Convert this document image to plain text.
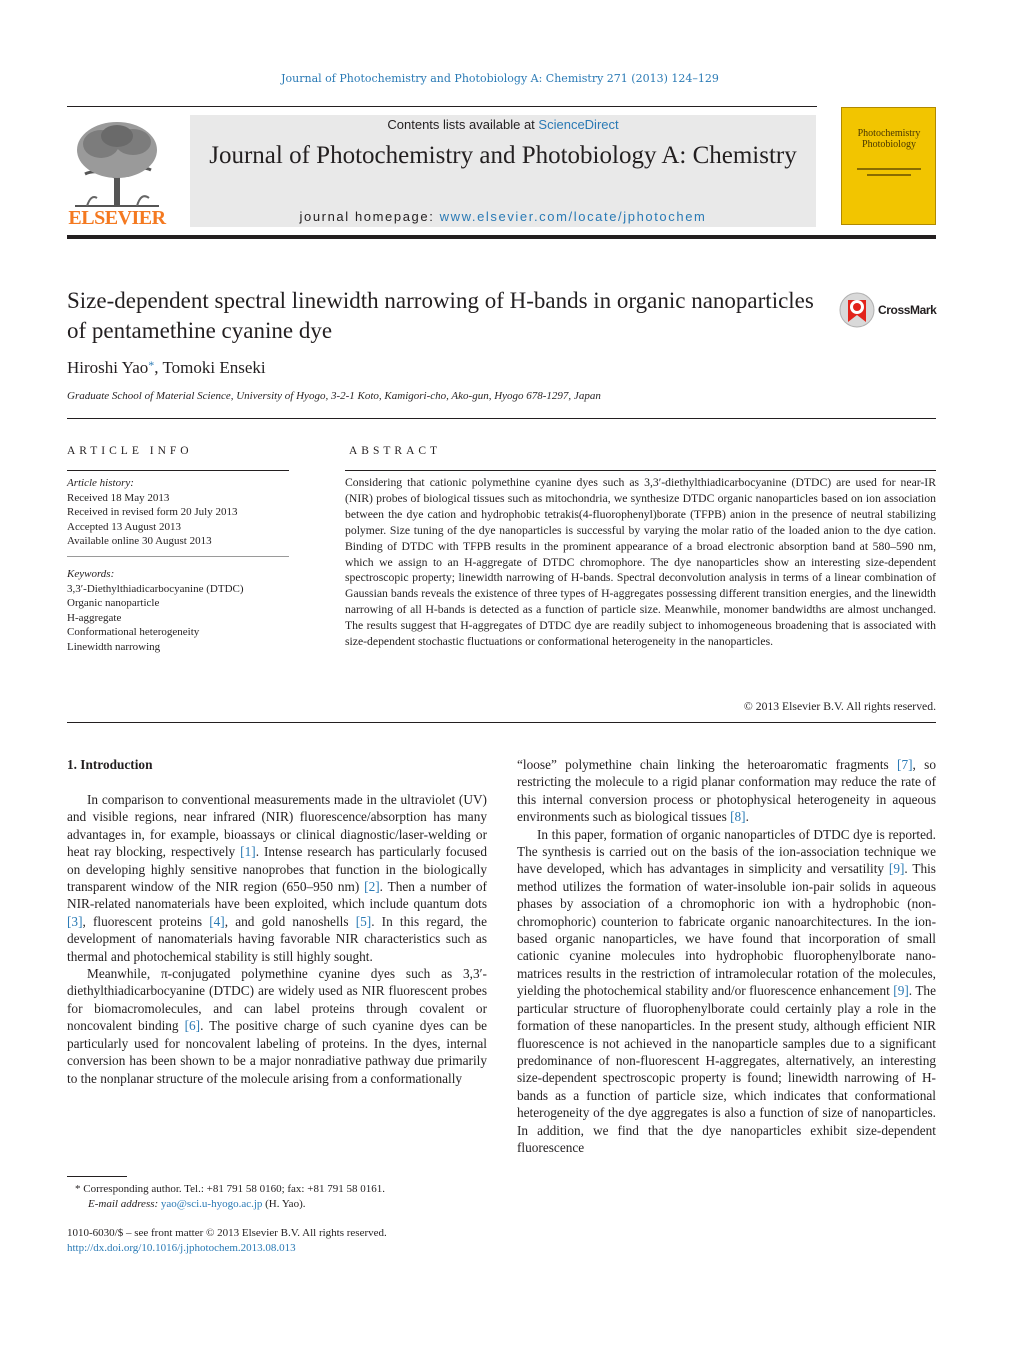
Journal of Photochemistry and Photobiology A: Chemistry 271 (2013) 124–129
ELSEVIER
Contents lists available at ScienceDirect
Journal of Photochemistry and Photobiology A: Chemistry
journal homepage: www.elsevier.com/locate/jphotochem
Photochemistry Photobiology
Size-dependent spectral linewidth narrowing of H-bands in organic nanoparticles of pentamethine cyanine dye
CrossMark
Hiroshi Yao*, Tomoki Enseki
Graduate School of Material Science, University of Hyogo, 3-2-1 Koto, Kamigori-cho, Ako-gun, Hyogo 678-1297, Japan
ARTICLE INFO
Article history:
Received 18 May 2013
Received in revised form 20 July 2013
Accepted 13 August 2013
Available online 30 August 2013
Keywords:
3,3′-Diethylthiadicarbocyanine (DTDC)
Organic nanoparticle
H-aggregate
Conformational heterogeneity
Linewidth narrowing
ABSTRACT
Considering that cationic polymethine cyanine dyes such as 3,3′-diethylthiadicarbocyanine (DTDC) are used for near-IR (NIR) probes of biological tissues such as mitochondria, we synthesize DTDC organic nanoparticles based on ion association between the dye cation and hydrophobic tetrakis(4-fluorophenyl)borate (TFPB) anion in the presence of neutral stabilizing polymer. Size tuning of the dye nanoparticles is successful by varying the molar ratio of the loaded anion to the dye cation. Binding of DTDC with TFPB results in the prominent appearance of a broad electronic absorption band at 580–590 nm, which we assign to an H-aggregate of DTDC chromophore. The dye nanoparticles show an interesting size-dependent spectroscopic property; linewidth narrowing of H-bands. Spectral deconvolution analysis in terms of a linear combination of Gaussian bands reveals the existence of three types of H-aggregates possessing different transition energies, and the linewidth narrowing of all H-bands is detected as a function of particle size. Meanwhile, monomer bandwidths are almost unchanged. The results suggest that H-aggregates of DTDC dye are readily subject to inhomogeneous broadening that is associated with size-dependent stochastic fluctuations or conformational heterogeneity in the nanoparticles.
© 2013 Elsevier B.V. All rights reserved.
1. Introduction

In comparison to conventional measurements made in the ultraviolet (UV) and visible regions, near infrared (NIR) fluorescence/absorption has many advantages in, for example, bioassays or clinical diagnostic/laser-welding or heat ray blocking, respectively [1]. Intense research has particularly focused on developing highly sensitive nanoprobes that function in the biologically transparent window of the NIR region (650–950 nm) [2]. Then a number of NIR-related nanomaterials have been exploited, which include quantum dots [3], fluorescent proteins [4], and gold nanoshells [5]. In this regard, the development of nanomaterials having favorable NIR characteristics such as thermal and photochemical stability is still highly sought.

Meanwhile, π-conjugated polymethine cyanine dyes such as 3,3′-diethylthiadicarbocyanine (DTDC) are widely used as NIR fluorescent probes for biomacromolecules, and can label proteins through covalent or noncovalent binding [6]. The positive charge of such cyanine dyes can be particularly used for noncovalent labeling of proteins. In the dyes, internal conversion has been shown to be a major nonradiative pathway due primarily to the nonplanar structure of the molecule arising from a conformationally

“loose” polymethine chain linking the heteroaromatic fragments [7], so restricting the molecule to a rigid planar conformation may reduce the rate of this internal conversion process or photophysical heterogeneity in aqueous environments such as biological tissues [8].

In this paper, formation of organic nanoparticles of DTDC dye is reported. The synthesis is carried out on the basis of the ion-association technique we have developed, which has advantages in simplicity and versatility [9]. This method utilizes the formation of water-insoluble ion-pair solids in aqueous phases by association of a chromophoric ion with a hydrophobic (non-chromophoric) counterion to fabricate organic nanoarchitectures. In the ion-based organic nanoparticles, we have found that incorporation of small cationic cyanine molecules into hydrophobic fluorophenylborate nano-matrices results in the restriction of intramolecular rotation of the molecules, yielding the photochemical stability and/or fluorescence enhancement [9]. The particular structure of fluorophenylborate could certainly play a role in the formation of these nanoparticles. In the present study, although efficient NIR fluorescence is not achieved in the nanoparticle samples due to a significant predominance of non-fluorescent H-aggregates, alternatively, an interesting size-dependent spectroscopic property is found; linewidth narrowing of H-bands as a function of particle size, which indicates that conformational heterogeneity of the dye aggregates is also a function of size of nanoparticles. In addition, we find that the dye nanoparticles exhibit size-dependent fluorescence

* Corresponding author. Tel.: +81 791 58 0160; fax: +81 791 58 0161.
E-mail address: yao@sci.u-hyogo.ac.jp (H. Yao).
1010-6030/$ – see front matter © 2013 Elsevier B.V. All rights reserved.
http://dx.doi.org/10.1016/j.jphotochem.2013.08.013
